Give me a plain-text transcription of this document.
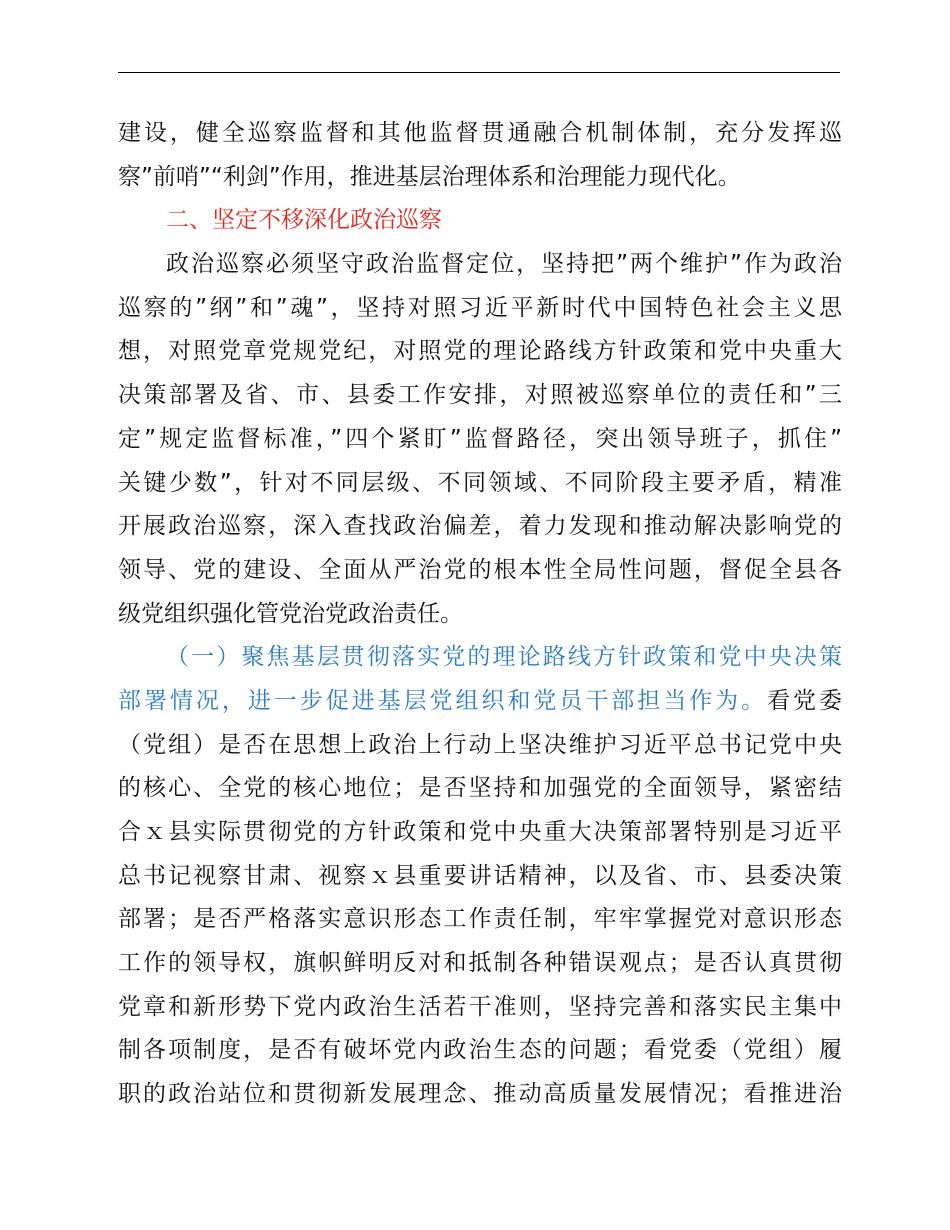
建设，健全巡察监督和其他监督贯通融合机制体制，充分发挥巡
察”前哨”“利剑”作用，推进基层治理体系和治理能力现代化。
二、坚定不移深化政治巡察
政治巡察必须坚守政治监督定位，坚持把”两个维护”作为政治
巡察的”纲”和”魂”，坚持对照习近平新时代中国特色社会主义思
想，对照党章党规党纪，对照党的理论路线方针政策和党中央重大
决策部署及省、市、县委工作安排，对照被巡察单位的责任和”三
定”规定监督标准，”四个紧盯”监督路径，突出领导班子，抓住”
关键少数”，针对不同层级、不同领域、不同阶段主要矛盾，精准
开展政治巡察，深入查找政治偏差，着力发现和推动解决影响党的
领导、党的建设、全面从严治党的根本性全局性问题，督促全县各
级党组织强化管党治党政治责任。
（一）聚焦基层贯彻落实党的理论路线方针政策和党中央决策
部署情况，进一步促进基层党组织和党员干部担当作为。看党委
（党组）是否在思想上政治上行动上坚决维护习近平总书记党中央
的核心、全党的核心地位；是否坚持和加强党的全面领导，紧密结
合ｘ县实际贯彻党的方针政策和党中央重大决策部署特别是习近平
总书记视察甘肃、视察ｘ县重要讲话精神，以及省、市、县委决策
部署；是否严格落实意识形态工作责任制，牢牢掌握党对意识形态
工作的领导权，旗帜鲜明反对和抵制各种错误观点；是否认真贯彻
党章和新形势下党内政治生活若干准则，坚持完善和落实民主集中
制各项制度，是否有破坏党内政治生态的问题；看党委（党组）履
职的政治站位和贯彻新发展理念、推动高质量发展情况；看推进治
